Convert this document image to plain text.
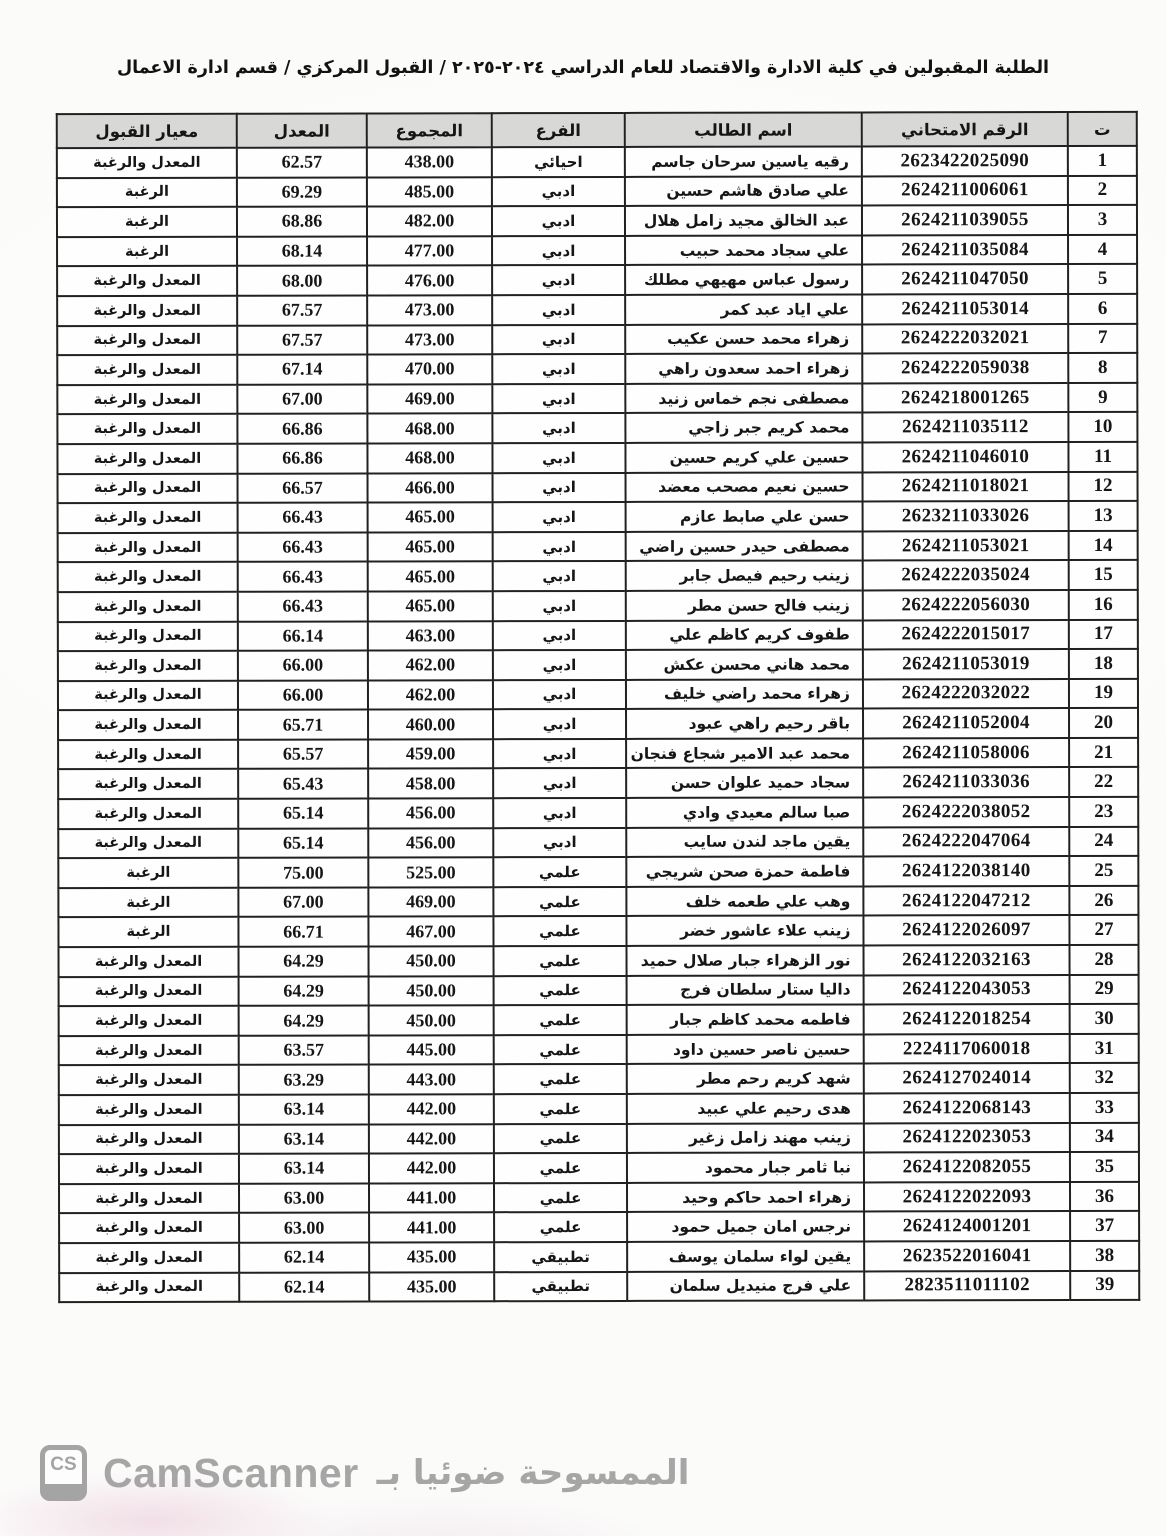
الطلبة المقبولين في كلية الادارة والاقتصاد للعام الدراسي ٢٠٢٤-٢٠٢٥ / القبول المركزي / قسم ادارة الاعمال
ت	الرقم الامتحاني	اسم الطالب	الفرع	المجموع	المعدل	معيار القبول
1	2623422025090	رقيه ياسين سرحان جاسم	احيائي	438.00	62.57	المعدل والرغبة
2	2624211006061	علي صادق هاشم حسين	ادبي	485.00	69.29	الرغبة
3	2624211039055	عبد الخالق مجيد زامل هلال	ادبي	482.00	68.86	الرغبة
4	2624211035084	علي سجاد محمد حبيب	ادبي	477.00	68.14	الرغبة
5	2624211047050	رسول عباس مهيهي مطلك	ادبي	476.00	68.00	المعدل والرغبة
6	2624211053014	علي اياد عبد كمر	ادبي	473.00	67.57	المعدل والرغبة
7	2624222032021	زهراء محمد حسن عكيب	ادبي	473.00	67.57	المعدل والرغبة
8	2624222059038	زهراء احمد سعدون راهي	ادبي	470.00	67.14	المعدل والرغبة
9	2624218001265	مصطفى نجم خماس زنيد	ادبي	469.00	67.00	المعدل والرغبة
10	2624211035112	محمد كريم جبر زاجي	ادبي	468.00	66.86	المعدل والرغبة
11	2624211046010	حسين علي كريم حسين	ادبي	468.00	66.86	المعدل والرغبة
12	2624211018021	حسين نعيم مصحب معضد	ادبي	466.00	66.57	المعدل والرغبة
13	2623211033026	حسن علي صابط عازم	ادبي	465.00	66.43	المعدل والرغبة
14	2624211053021	مصطفى حيدر حسين راضي	ادبي	465.00	66.43	المعدل والرغبة
15	2624222035024	زينب رحيم فيصل جابر	ادبي	465.00	66.43	المعدل والرغبة
16	2624222056030	زينب فالح حسن مطر	ادبي	465.00	66.43	المعدل والرغبة
17	2624222015017	طفوف كريم كاظم علي	ادبي	463.00	66.14	المعدل والرغبة
18	2624211053019	محمد هاني محسن عكش	ادبي	462.00	66.00	المعدل والرغبة
19	2624222032022	زهراء محمد راضي خليف	ادبي	462.00	66.00	المعدل والرغبة
20	2624211052004	باقر رحيم راهي عبود	ادبي	460.00	65.71	المعدل والرغبة
21	2624211058006	محمد عبد الامير شجاع فنجان	ادبي	459.00	65.57	المعدل والرغبة
22	2624211033036	سجاد حميد علوان حسن	ادبي	458.00	65.43	المعدل والرغبة
23	2624222038052	صبا سالم معيدي وادي	ادبي	456.00	65.14	المعدل والرغبة
24	2624222047064	يقين ماجد لندن سايب	ادبي	456.00	65.14	المعدل والرغبة
25	2624122038140	فاطمة حمزة صحن شريجي	علمي	525.00	75.00	الرغبة
26	2624122047212	وهب علي طعمه خلف	علمي	469.00	67.00	الرغبة
27	2624122026097	زينب علاء عاشور خضر	علمي	467.00	66.71	الرغبة
28	2624122032163	نور الزهراء جبار صلال حميد	علمي	450.00	64.29	المعدل والرغبة
29	2624122043053	داليا ستار سلطان فرج	علمي	450.00	64.29	المعدل والرغبة
30	2624122018254	فاطمه محمد كاظم جبار	علمي	450.00	64.29	المعدل والرغبة
31	2224117060018	حسين ناصر حسين داود	علمي	445.00	63.57	المعدل والرغبة
32	2624127024014	شهد كريم رحم مطر	علمي	443.00	63.29	المعدل والرغبة
33	2624122068143	هدى رحيم علي عبيد	علمي	442.00	63.14	المعدل والرغبة
34	2624122023053	زينب مهند زامل زغير	علمي	442.00	63.14	المعدل والرغبة
35	2624122082055	نبا ثامر جبار محمود	علمي	442.00	63.14	المعدل والرغبة
36	2624122022093	زهراء احمد حاكم وحيد	علمي	441.00	63.00	المعدل والرغبة
37	2624124001201	نرجس امان جميل حمود	علمي	441.00	63.00	المعدل والرغبة
38	2623522016041	يقين لواء سلمان يوسف	تطبيقي	435.00	62.14	المعدل والرغبة
39	2823511011102	علي فرج منيديل سلمان	تطبيقي	435.00	62.14	المعدل والرغبة
CS CamScanner الممسوحة ضوئيا بـ
